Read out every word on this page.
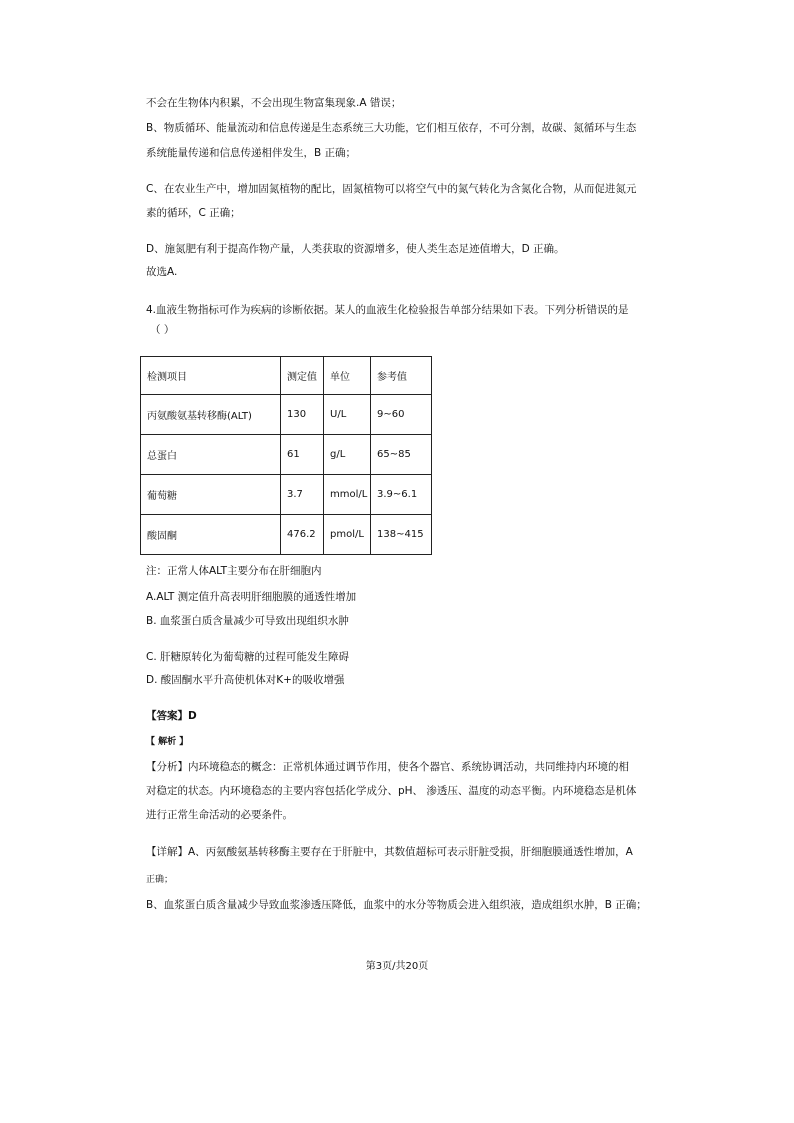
不会在生物体内积累，不会出现生物富集现象.A 错误；
B、物质循环、能量流动和信息传递是生态系统三大功能，它们相互依存，不可分割，故碳、氮循环与生态
系统能量传递和信息传递相伴发生，B 正确；
C、在农业生产中，增加固氮植物的配比，固氮植物可以将空气中的氮气转化为含氮化合物，从而促进氮元
素的循环，C 正确；
D、施氮肥有利于提高作物产量，人类获取的资源增多，使人类生态足迹值增大，D 正确。
故选A.
4.血液生物指标可作为疾病的诊断依据。某人的血液生化检验报告单部分结果如下表。下列分析错误的是
（ ）
检测项目	测定值	单位	参考值
丙氨酸氨基转移酶(ALT)	130	U/L	9~60
总蛋白	61	g/L	65~85
葡萄糖	3.7	mmol/L	3.9~6.1
酸固酮	476.2	pmol/L	138~415
注：正常人体ALT主要分布在肝细胞内
A.ALT 测定值升高表明肝细胞膜的通透性增加
B. 血浆蛋白质含量减少可导致出现组织水肿
C. 肝糖原转化为葡萄糖的过程可能发生障碍
D. 酸固酮水平升高使机体对K+的吸收增强
【答案】D
【 解析 】
【分析】内环境稳态的概念：正常机体通过调节作用，使各个器官、系统协调活动，共同维持内环境的相
对稳定的状态。内环境稳态的主要内容包括化学成分、pH、 渗透压、温度的动态平衡。内环境稳态是机体
进行正常生命活动的必要条件。
【详解】A、丙氨酸氨基转移酶主要存在于肝脏中，其数值超标可表示肝脏受损，肝细胞膜通透性增加，A
正确；
B、血浆蛋白质含量减少导致血浆渗透压降低，血浆中的水分等物质会进入组织液，造成组织水肿，B 正确；
第3页/共20页
